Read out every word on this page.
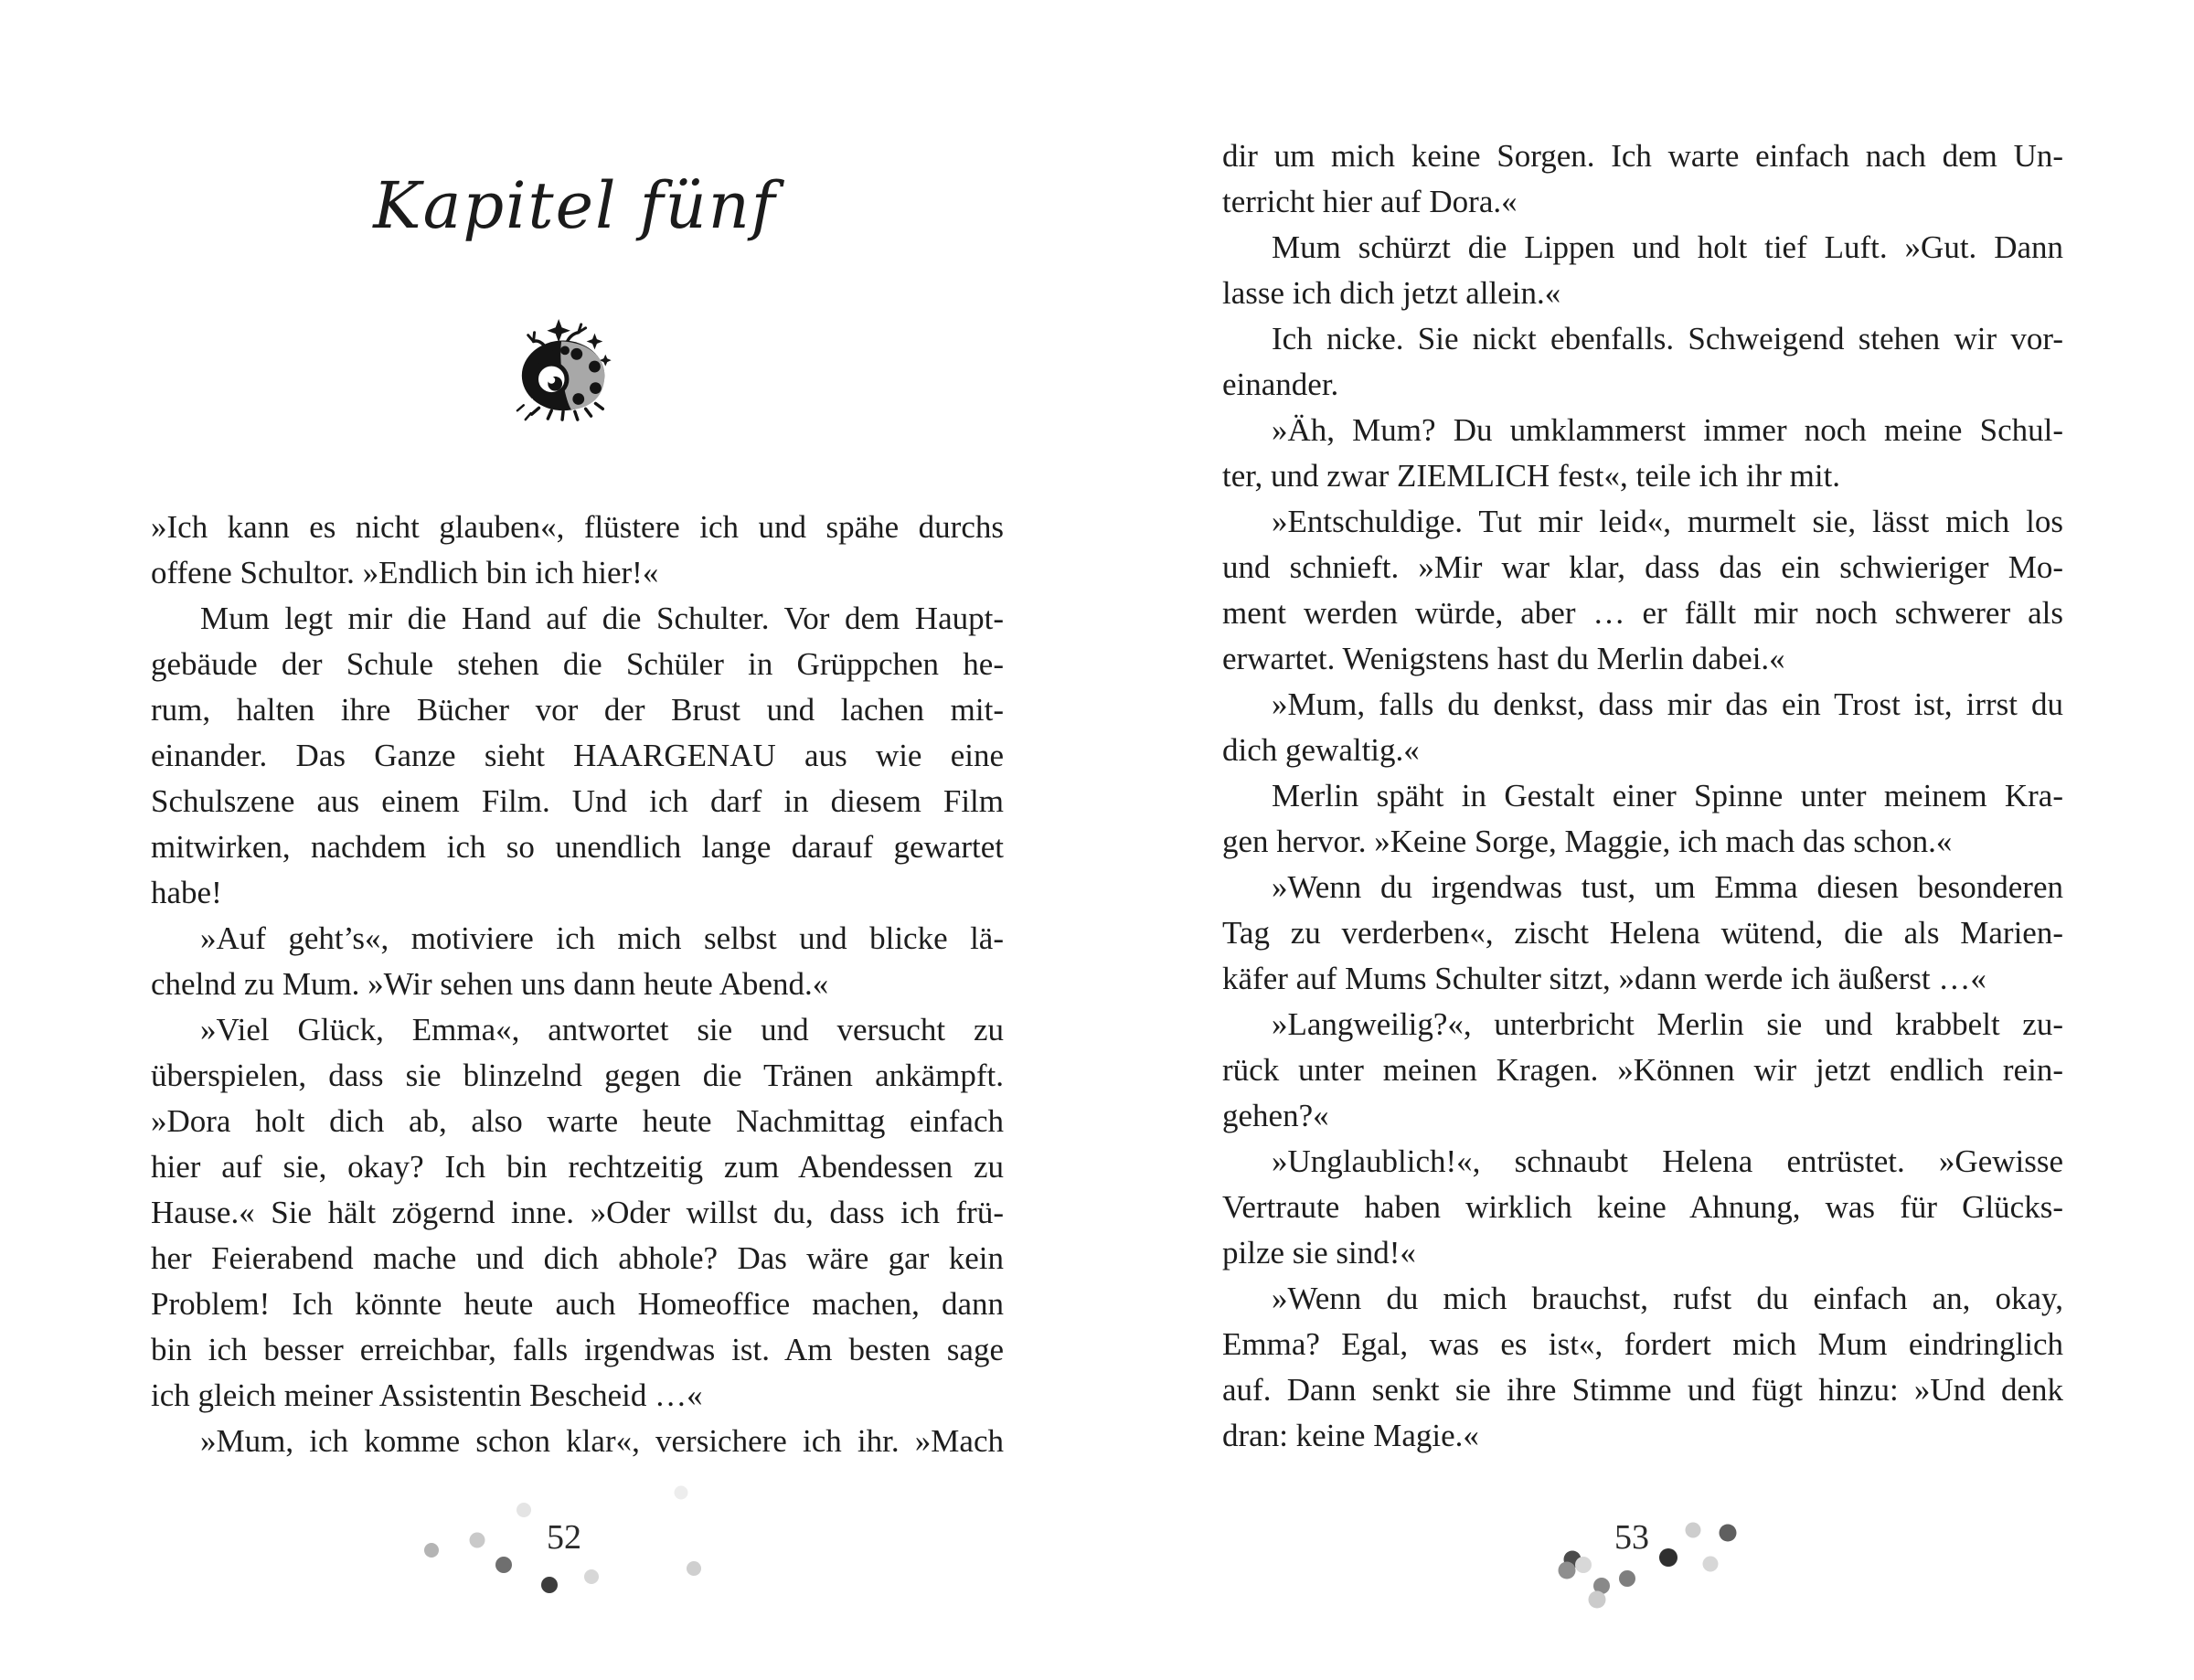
Kapitel fünf
»Ich kann es nicht glauben«, flüstere ich und spähe durchs
offene Schultor. »Endlich bin ich hier!«
Mum legt mir die Hand auf die Schulter. Vor dem Haupt-
gebäude der Schule stehen die Schüler in Grüppchen he-
rum, halten ihre Bücher vor der Brust und lachen mit-
einander. Das Ganze sieht HAARGENAU aus wie eine
Schulszene aus einem Film. Und ich darf in diesem Film
mitwirken, nachdem ich so unendlich lange darauf gewartet
habe!
»Auf geht’s«, motiviere ich mich selbst und blicke lä-
chelnd zu Mum. »Wir sehen uns dann heute Abend.«
»Viel Glück, Emma«, antwortet sie und versucht zu
überspielen, dass sie blinzelnd gegen die Tränen ankämpft.
»Dora holt dich ab, also warte heute Nachmittag einfach
hier auf sie, okay? Ich bin rechtzeitig zum Abendessen zu
Hause.« Sie hält zögernd inne. »Oder willst du, dass ich frü-
her Feierabend mache und dich abhole? Das wäre gar kein
Problem! Ich könnte heute auch Homeoffice machen, dann
bin ich besser erreichbar, falls irgendwas ist. Am besten sage
ich gleich meiner Assistentin Bescheid …«
»Mum, ich komme schon klar«, versichere ich ihr. »Mach
52
dir um mich keine Sorgen. Ich warte einfach nach dem Un-
terricht hier auf Dora.«
Mum schürzt die Lippen und holt tief Luft. »Gut. Dann
lasse ich dich jetzt allein.«
Ich nicke. Sie nickt ebenfalls. Schweigend stehen wir vor-
einander.
»Äh, Mum? Du umklammerst immer noch meine Schul-
ter, und zwar ZIEMLICH fest«, teile ich ihr mit.
»Entschuldige. Tut mir leid«, murmelt sie, lässt mich los
und schnieft. »Mir war klar, dass das ein schwieriger Mo-
ment werden würde, aber … er fällt mir noch schwerer als
erwartet. Wenigstens hast du Merlin dabei.«
»Mum, falls du denkst, dass mir das ein Trost ist, irrst du
dich gewaltig.«
Merlin späht in Gestalt einer Spinne unter meinem Kra-
gen hervor. »Keine Sorge, Maggie, ich mach das schon.«
»Wenn du irgendwas tust, um Emma diesen besonderen
Tag zu verderben«, zischt Helena wütend, die als Marien-
käfer auf Mums Schulter sitzt, »dann werde ich äußerst …«
»Langweilig?«, unterbricht Merlin sie und krabbelt zu-
rück unter meinen Kragen. »Können wir jetzt endlich rein-
gehen?«
»Unglaublich!«, schnaubt Helena entrüstet. »Gewisse
Vertraute haben wirklich keine Ahnung, was für Glücks-
pilze sie sind!«
»Wenn du mich brauchst, rufst du einfach an, okay,
Emma? Egal, was es ist«, fordert mich Mum eindringlich
auf. Dann senkt sie ihre Stimme und fügt hinzu: »Und denk
dran: keine Magie.«
53
